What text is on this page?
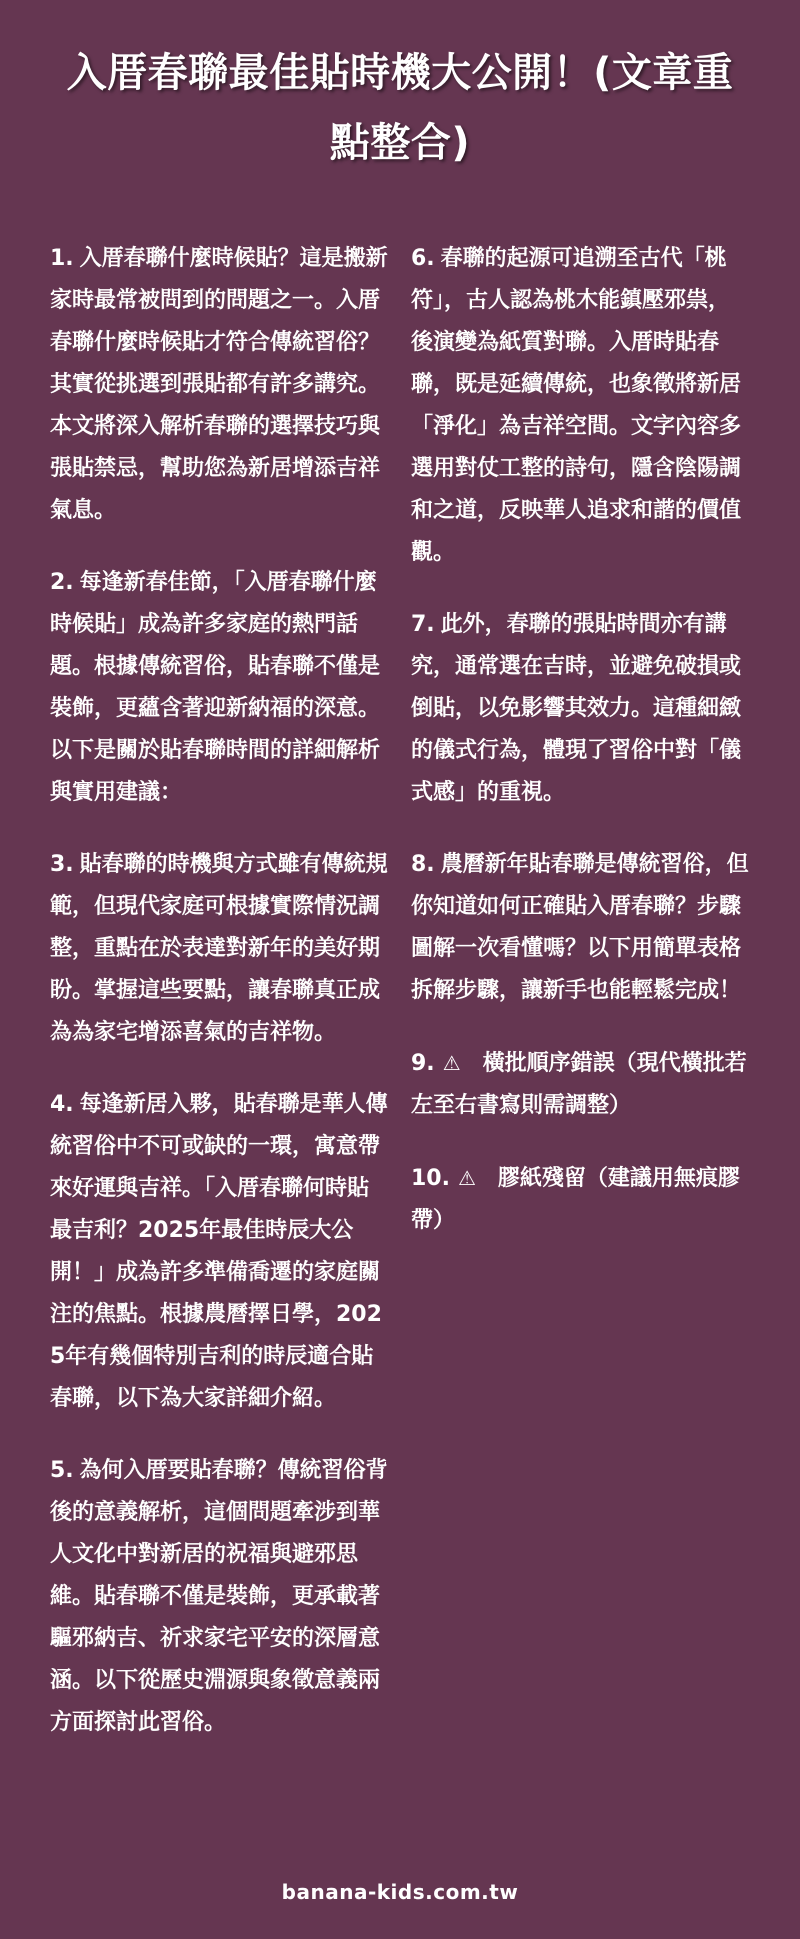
入厝春聯最佳貼時機大公開！(文章重點整合)

1. 入厝春聯什麼時候貼？這是搬新家時最常被問到的問題之一。入厝春聯什麼時候貼才符合傳統習俗？其實從挑選到張貼都有許多講究。本文將深入解析春聯的選擇技巧與張貼禁忌，幫助您為新居增添吉祥氣息。

2. 每逢新春佳節，「入厝春聯什麼時候貼」成為許多家庭的熱門話題。根據傳統習俗，貼春聯不僅是裝飾，更蘊含著迎新納福的深意。以下是關於貼春聯時間的詳細解析與實用建議：

3. 貼春聯的時機與方式雖有傳統規範，但現代家庭可根據實際情況調整，重點在於表達對新年的美好期盼。掌握這些要點，讓春聯真正成為為家宅增添喜氣的吉祥物。

4. 每逢新居入夥，貼春聯是華人傳統習俗中不可或缺的一環，寓意帶來好運與吉祥。「入厝春聯何時貼最吉利？2025年最佳時辰大公開！」成為許多準備喬遷的家庭關注的焦點。根據農曆擇日學，2025年有幾個特別吉利的時辰適合貼春聯，以下為大家詳細介紹。

5. 為何入厝要貼春聯？傳統習俗背後的意義解析，這個問題牽涉到華人文化中對新居的祝福與避邪思維。貼春聯不僅是裝飾，更承載著驅邪納吉、祈求家宅平安的深層意涵。以下從歷史淵源與象徵意義兩方面探討此習俗。

6. 春聯的起源可追溯至古代「桃符」，古人認為桃木能鎮壓邪祟，後演變為紙質對聯。入厝時貼春聯，既是延續傳統，也象徵將新居「淨化」為吉祥空間。文字內容多選用對仗工整的詩句，隱含陰陽調和之道，反映華人追求和諧的價值觀。

7. 此外，春聯的張貼時間亦有講究，通常選在吉時，並避免破損或倒貼，以免影響其效力。這種細緻的儀式行為，體現了習俗中對「儀式感」的重視。

8. 農曆新年貼春聯是傳統習俗，但你知道如何正確貼入厝春聯？步驟圖解一次看懂嗎？以下用簡單表格拆解步驟，讓新手也能輕鬆完成！

9. ⚠ 橫批順序錯誤（現代橫批若左至右書寫則需調整）

10. ⚠ 膠紙殘留（建議用無痕膠帶）

banana-kids.com.tw
